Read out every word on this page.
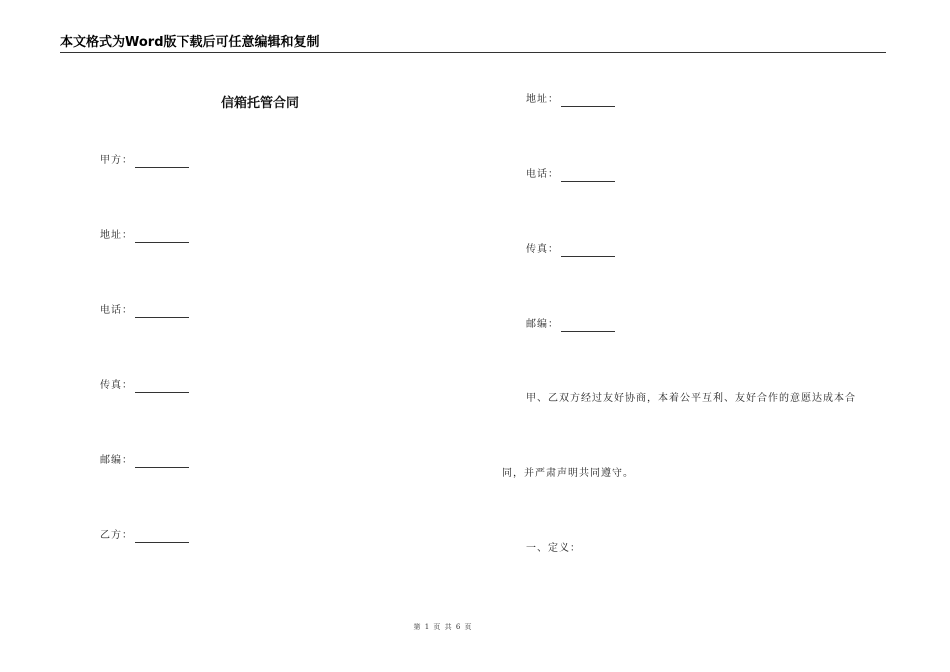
本文格式为Word版下载后可任意编辑和复制
信箱托管合同
甲方：
地址：
电话：
传真：
邮编：
乙方：
地址：
电话：
传真：
邮编：
甲、乙双方经过友好协商，本着公平互利、友好合作的意愿达成本合
同，并严肃声明共同遵守。
一、定义：
第 1 页 共 6 页
